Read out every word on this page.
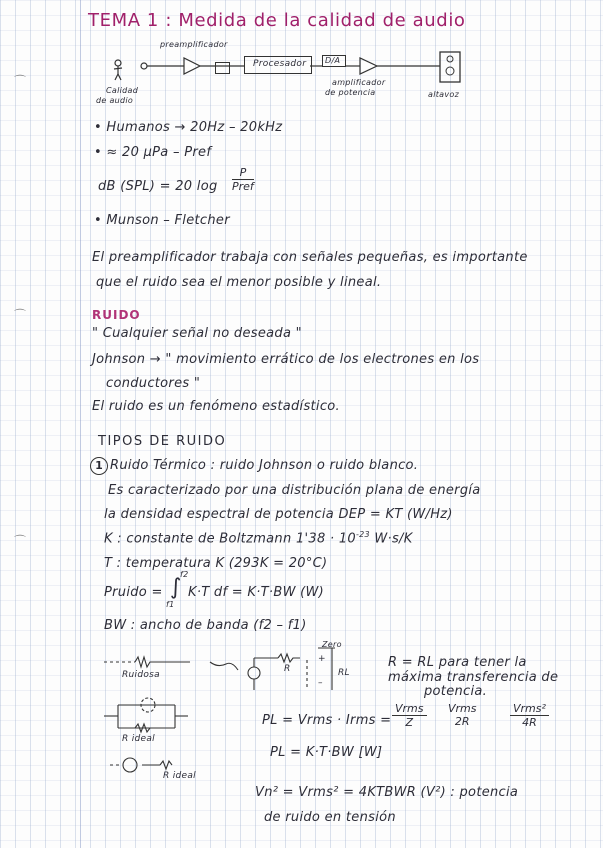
⌒
⌒
⌒
TEMA 1 : Medida de la calidad de audio
Calidad
de audio
preamplificador
Procesador D/A
amplificador
de potencia	altavoz
• Humanos → 20Hz – 20kHz
• ≈ 20 μPa – Pref
dB (SPL) = 20 log
P
Pref
• Munson – Fletcher
El preamplificador trabaja con señales pequeñas, es importante
que el ruido sea el menor posible y lineal.
RUIDO
" Cualquier señal no deseada "
Johnson → " movimiento errático de los electrones en los
conductores "
El ruido es un fenómeno estadístico.
TIPOS DE RUIDO
1 Ruido Térmico : ruido Johnson o ruido blanco.
Es caracterizado por una distribución plana de energía
la densidad espectral de potencia DEP = KT (W/Hz)
K : constante de Boltzmann $1'38 \cdot 10^{-23}$ W·s/K
T : temperatura K (293K = 20°C)
Pruido = ∫
f2
f1
K·T df = K·T·BW (W)
BW : ancho de banda (f2 – f1)
Ruidosa
R ideal
R ideal
R	RL
+
–
Zero
R = RL para tener la
máxima transferencia de
potencia.
PL = Vrms · Irms =
Vrms
Z
Vrms
2R
Vrms²
4R
PL = K·T·BW [W]
Vn² = Vrms² = 4KTBWR (V²) : potencia
de ruido en tensión
